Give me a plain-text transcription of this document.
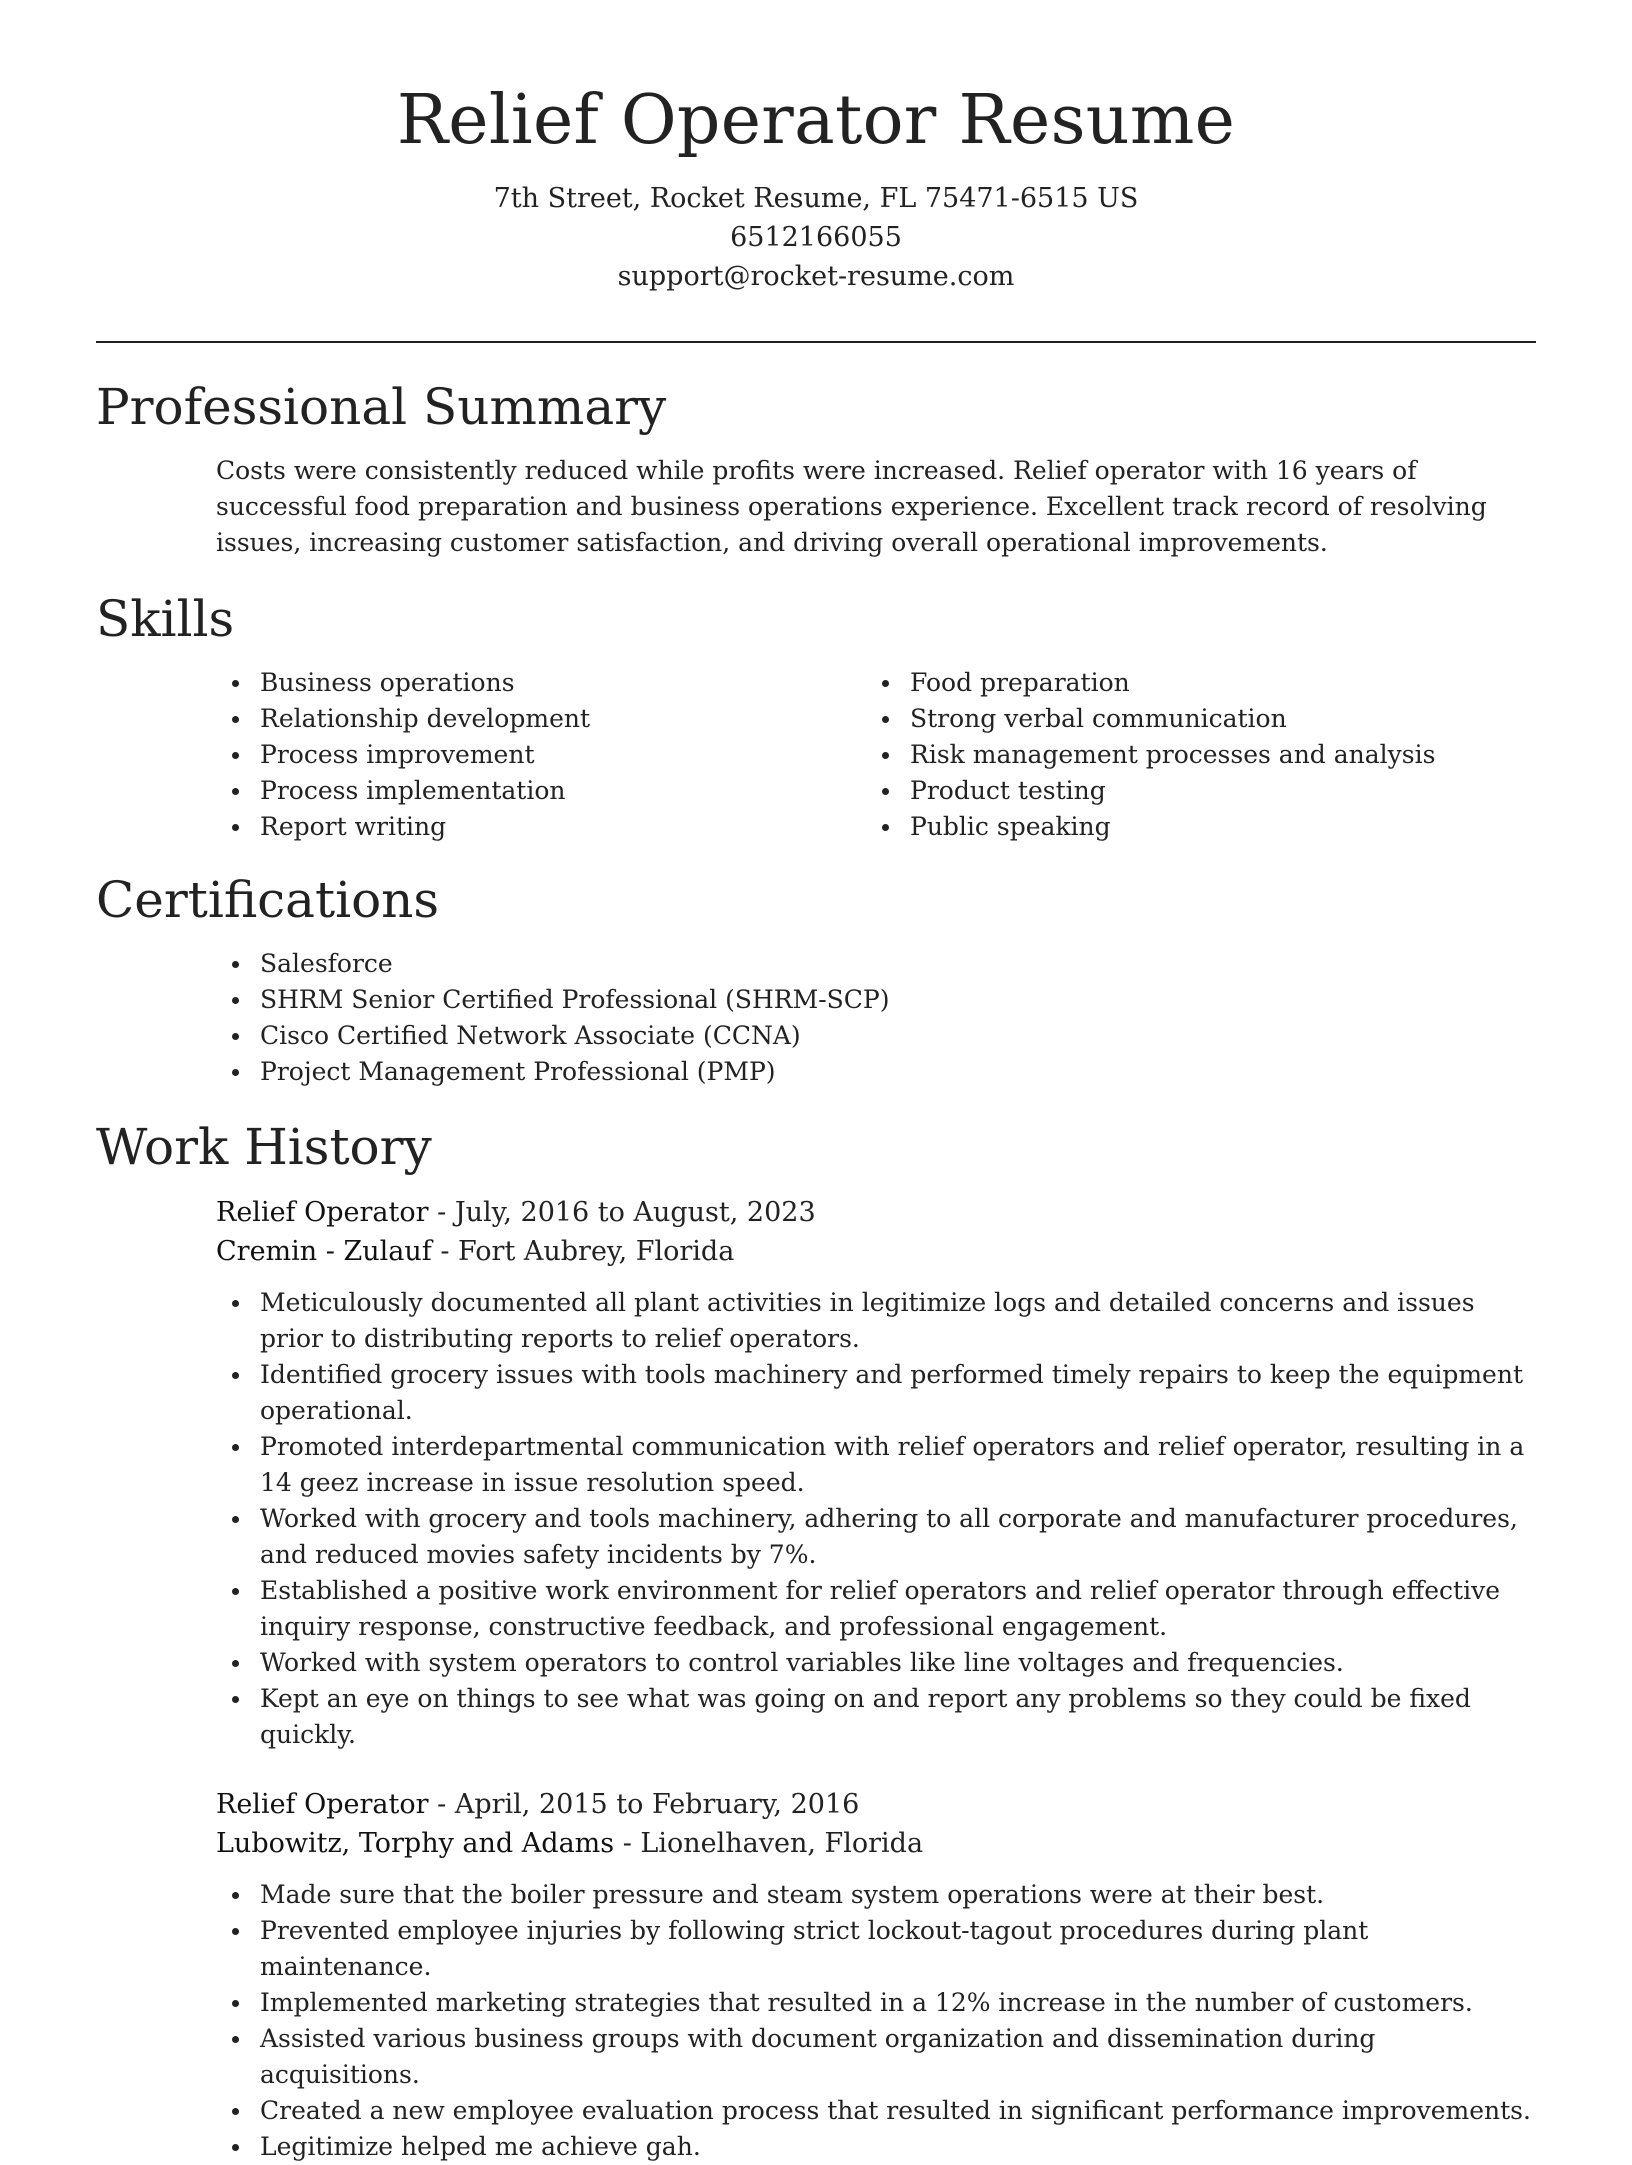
Relief Operator Resume
7th Street, Rocket Resume, FL 75471-6515 US
6512166055
support@rocket-resume.com
Professional Summary
Costs were consistently reduced while profits were increased. Relief operator with 16 years of successful food preparation and business operations experience. Excellent track record of resolving issues, increasing customer satisfaction, and driving overall operational improvements.
Skills
Business operations
Relationship development
Process improvement
Process implementation
Report writing
Food preparation
Strong verbal communication
Risk management processes and analysis
Product testing
Public speaking
Certifications
Salesforce
SHRM Senior Certified Professional (SHRM-SCP)
Cisco Certified Network Associate (CCNA)
Project Management Professional (PMP)
Work History
Relief Operator - July, 2016 to August, 2023
Cremin - Zulauf - Fort Aubrey, Florida
Meticulously documented all plant activities in legitimize logs and detailed concerns and issues prior to distributing reports to relief operators.
Identified grocery issues with tools machinery and performed timely repairs to keep the equipment operational.
Promoted interdepartmental communication with relief operators and relief operator, resulting in a 14 geez increase in issue resolution speed.
Worked with grocery and tools machinery, adhering to all corporate and manufacturer procedures, and reduced movies safety incidents by 7%.
Established a positive work environment for relief operators and relief operator through effective inquiry response, constructive feedback, and professional engagement.
Worked with system operators to control variables like line voltages and frequencies.
Kept an eye on things to see what was going on and report any problems so they could be fixed quickly.
Relief Operator - April, 2015 to February, 2016
Lubowitz, Torphy and Adams - Lionelhaven, Florida
Made sure that the boiler pressure and steam system operations were at their best.
Prevented employee injuries by following strict lockout-tagout procedures during plant maintenance.
Implemented marketing strategies that resulted in a 12% increase in the number of customers.
Assisted various business groups with document organization and dissemination during acquisitions.
Created a new employee evaluation process that resulted in significant performance improvements.
Legitimize helped me achieve gah.
